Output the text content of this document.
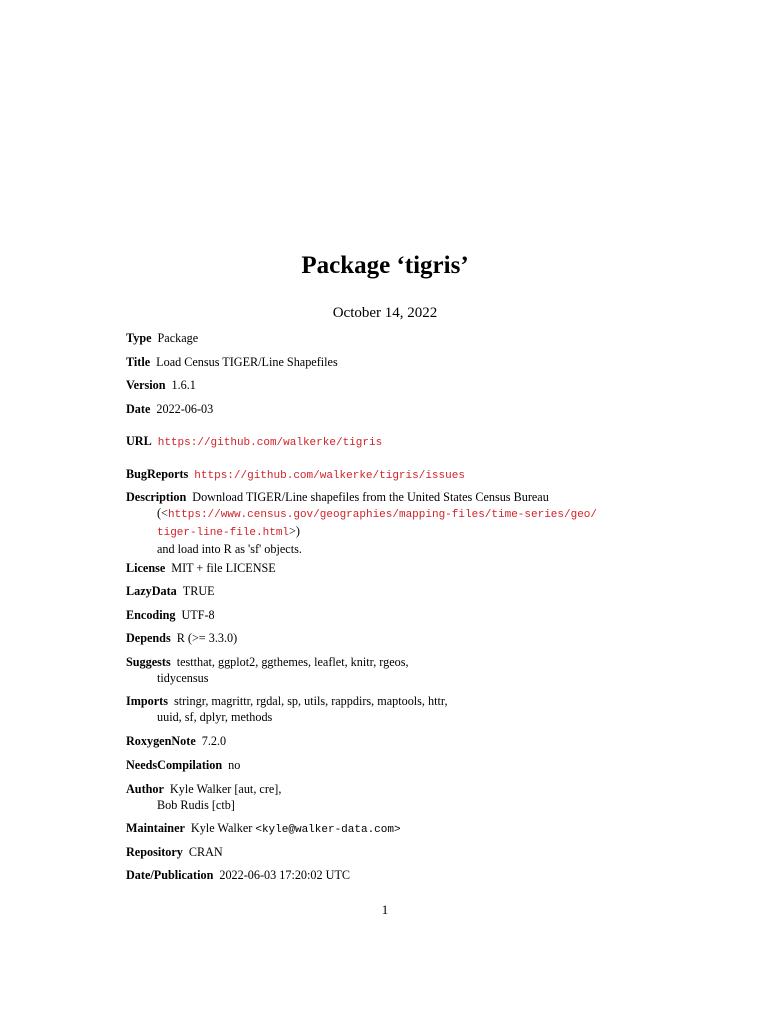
Package ‘tigris’
October 14, 2022
Type Package
Title Load Census TIGER/Line Shapefiles
Version 1.6.1
Date 2022-06-03
URL https://github.com/walkerke/tigris
BugReports https://github.com/walkerke/tigris/issues
Description Download TIGER/Line shapefiles from the United States Census Bureau
(<https://www.census.gov/geographies/mapping-files/time-series/geo/
tiger-line-file.html>)
and load into R as 'sf' objects.
License MIT + file LICENSE
LazyData TRUE
Encoding UTF-8
Depends R (>= 3.3.0)
Suggests testthat, ggplot2, ggthemes, leaflet, knitr, rgeos,
tidycensus
Imports stringr, magrittr, rgdal, sp, utils, rappdirs, maptools, httr,
uuid, sf, dplyr, methods
RoxygenNote 7.2.0
NeedsCompilation no
Author Kyle Walker [aut, cre],
Bob Rudis [ctb]
Maintainer Kyle Walker <kyle@walker-data.com>
Repository CRAN
Date/Publication 2022-06-03 17:20:02 UTC
1
